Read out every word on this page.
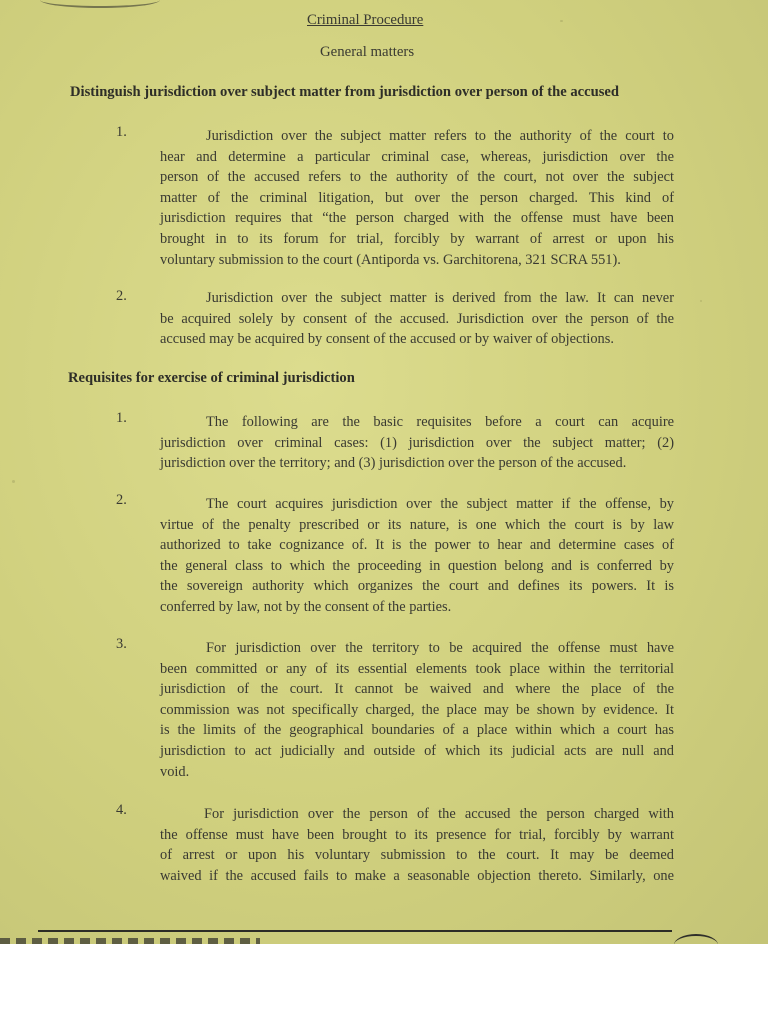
Criminal Procedure
General matters
Distinguish jurisdiction over subject matter from jurisdiction over person of the accused
1.	Jurisdiction over the subject matter refers to the authority of the court to
hear and determine a particular criminal case, whereas, jurisdiction over the
person of the accused refers to the authority of the court, not over the subject
matter of the criminal litigation, but over the person charged. This kind of
jurisdiction requires that “the person charged with the offense must have been
brought in to its forum for trial, forcibly by warrant of arrest or upon his
voluntary submission to the court (Antiporda vs. Garchitorena, 321 SCRA 551).
2.	Jurisdiction over the subject matter is derived from the law. It can never
be acquired solely by consent of the accused. Jurisdiction over the person of the
accused may be acquired by consent of the accused or by waiver of objections.
Requisites for exercise of criminal jurisdiction
1.	The following are the basic requisites before a court can acquire
jurisdiction over criminal cases: (1) jurisdiction over the subject matter; (2)
jurisdiction over the territory; and (3) jurisdiction over the person of the accused.
2.	The court acquires jurisdiction over the subject matter if the offense, by
virtue of the penalty prescribed or its nature, is one which the court is by law
authorized to take cognizance of. It is the power to hear and determine cases of
the general class to which the proceeding in question belong and is conferred by
the sovereign authority which organizes the court and defines its powers. It is
conferred by law, not by the consent of the parties.
3.	For jurisdiction over the territory to be acquired the offense must have
been committed or any of its essential elements took place within the territorial
jurisdiction of the court. It cannot be waived and where the place of the
commission was not specifically charged, the place may be shown by evidence. It
is the limits of the geographical boundaries of a place within which a court has
jurisdiction to act judicially and outside of which its judicial acts are null and
void.
4.	For jurisdiction over the person of the accused the person charged with
the offense must have been brought to its presence for trial, forcibly by warrant
of arrest or upon his voluntary submission to the court. It may be deemed
waived if the accused fails to make a seasonable objection thereto. Similarly, one
